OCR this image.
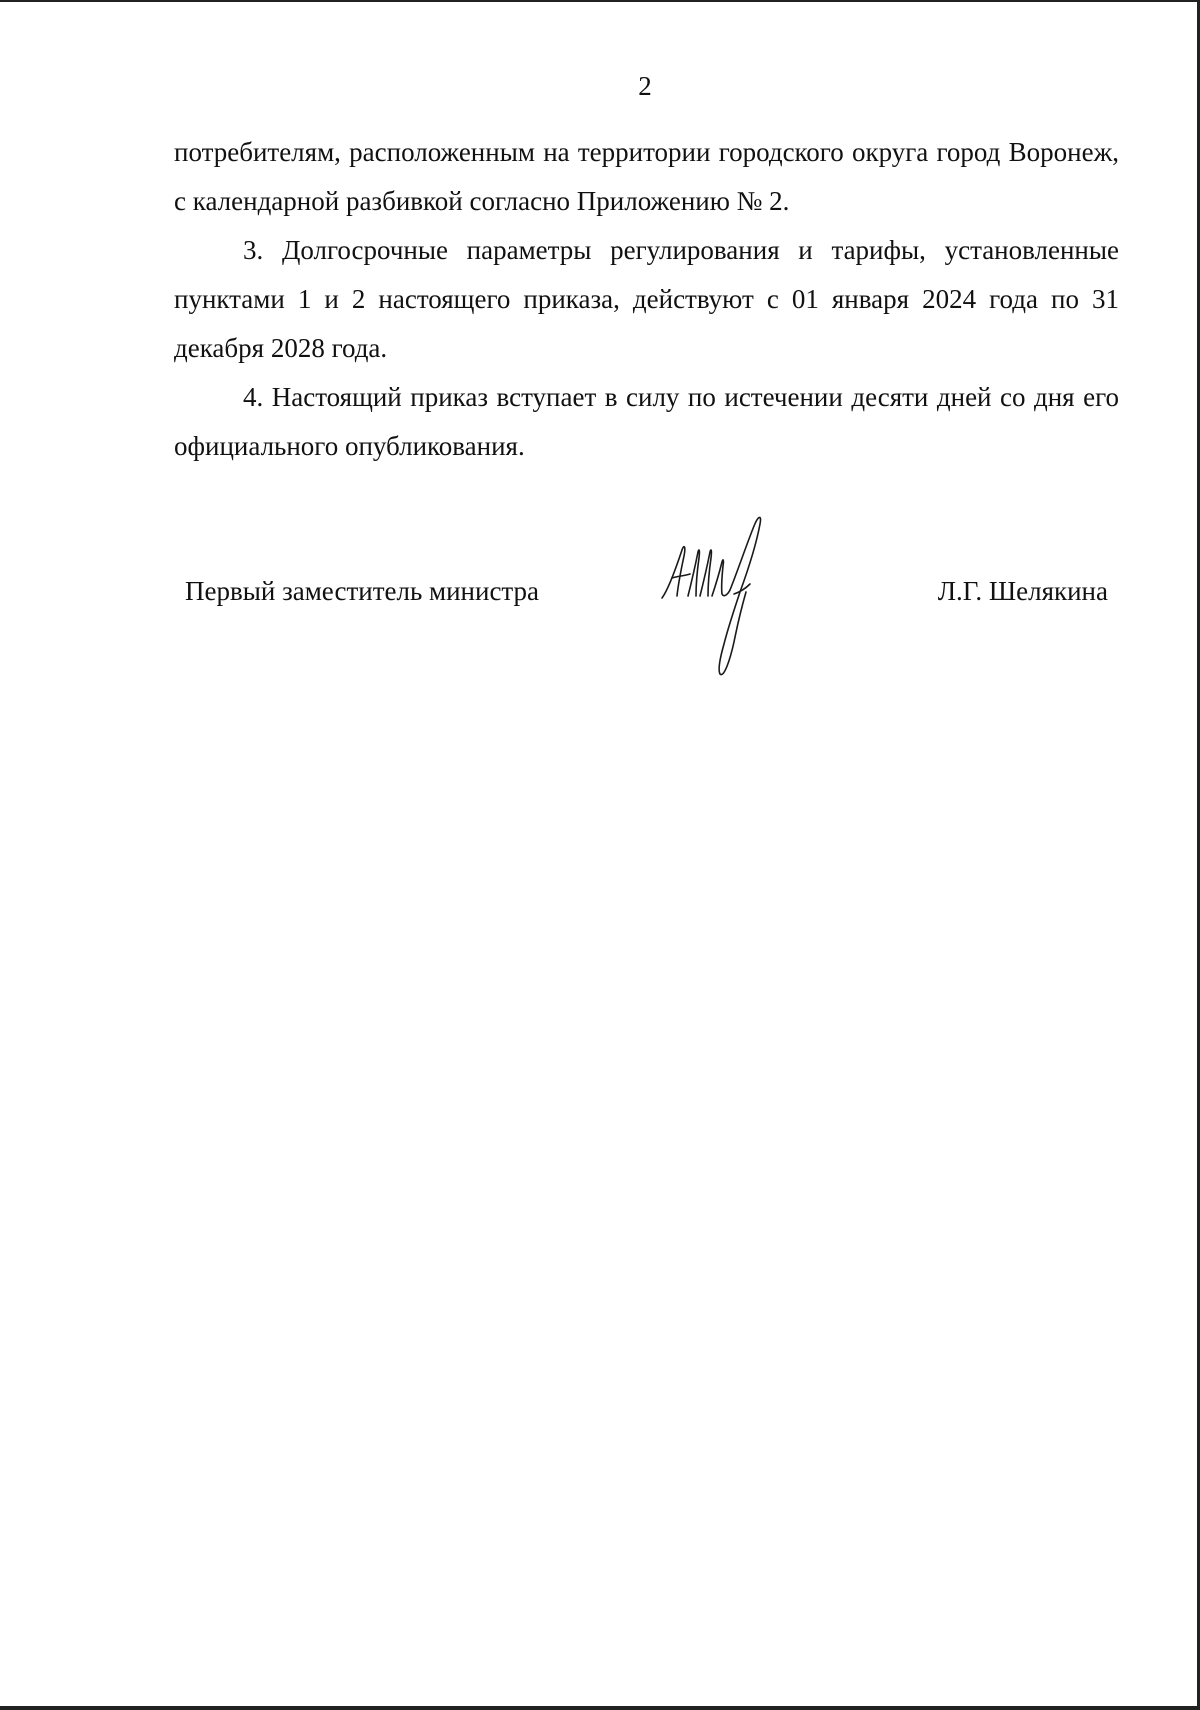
2

потребителям, расположенным на территории городского округа город Воронеж, с календарной разбивкой согласно Приложению № 2.

3. Долгосрочные параметры регулирования и тарифы, установленные пунктами 1 и 2 настоящего приказа, действуют с 01 января 2024 года по 31 декабря 2028 года.

4. Настоящий приказ вступает в силу по истечении десяти дней со дня его официального опубликования.

Первый заместитель министра	Л.Г. Шелякина
